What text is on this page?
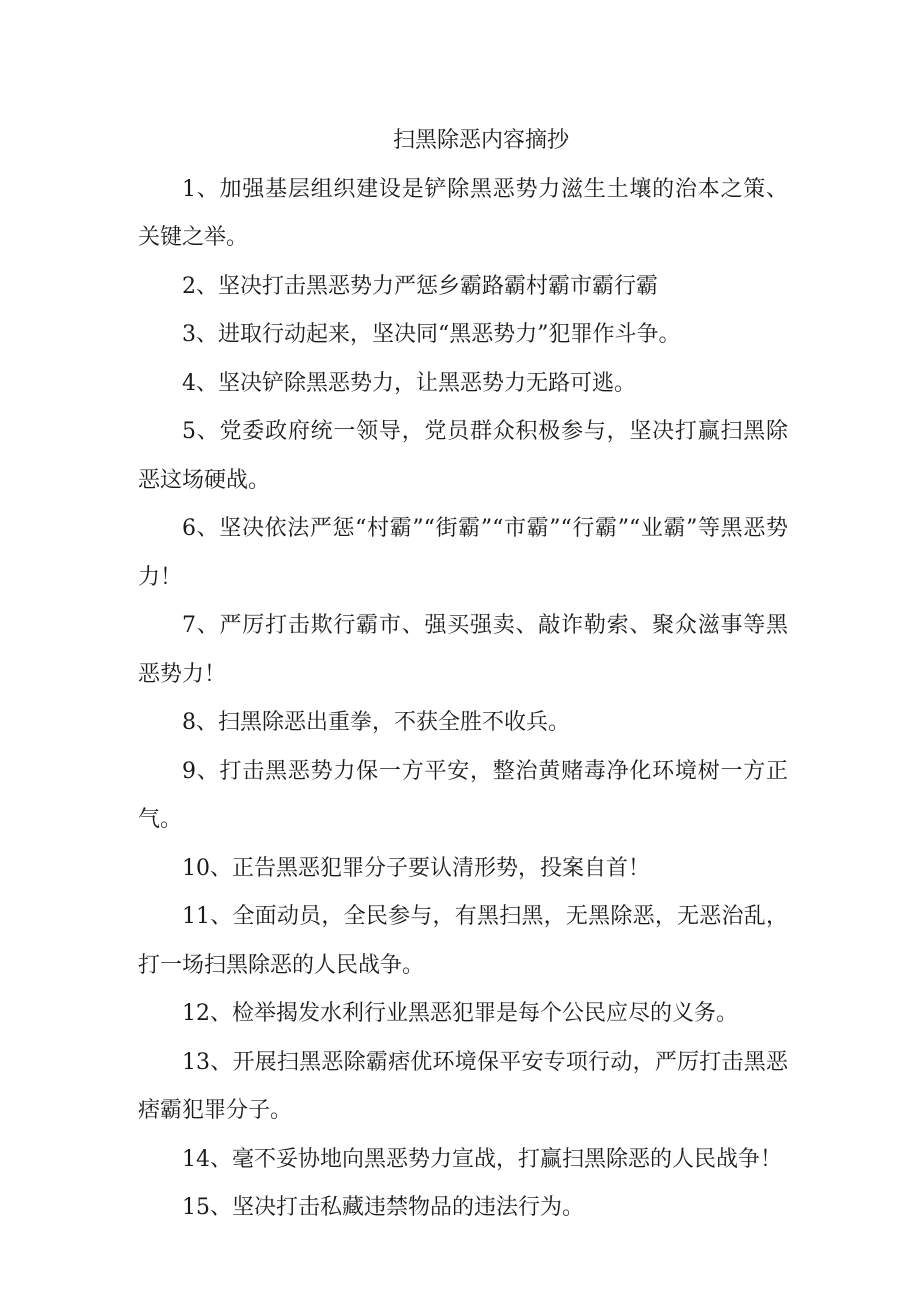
扫黑除恶内容摘抄

1、加强基层组织建设是铲除黑恶势力滋生土壤的治本之策、关键之举。

2、坚决打击黑恶势力严惩乡霸路霸村霸市霸行霸

3、进取行动起来，坚决同“黑恶势力”犯罪作斗争。

4、坚决铲除黑恶势力，让黑恶势力无路可逃。

5、党委政府统一领导，党员群众积极参与，坚决打赢扫黑除恶这场硬战。

6、坚决依法严惩“村霸”“街霸”“市霸”“行霸”“业霸”等黑恶势力！

7、严厉打击欺行霸市、强买强卖、敲诈勒索、聚众滋事等黑恶势力！

8、扫黑除恶出重拳，不获全胜不收兵。

9、打击黑恶势力保一方平安，整治黄赌毒净化环境树一方正气。

10、正告黑恶犯罪分子要认清形势，投案自首！

11、全面动员，全民参与，有黑扫黑，无黑除恶，无恶治乱，打一场扫黑除恶的人民战争。

12、检举揭发水利行业黑恶犯罪是每个公民应尽的义务。

13、开展扫黑恶除霸痞优环境保平安专项行动，严厉打击黑恶痞霸犯罪分子。

14、毫不妥协地向黑恶势力宣战，打赢扫黑除恶的人民战争！

15、坚决打击私藏违禁物品的违法行为。
